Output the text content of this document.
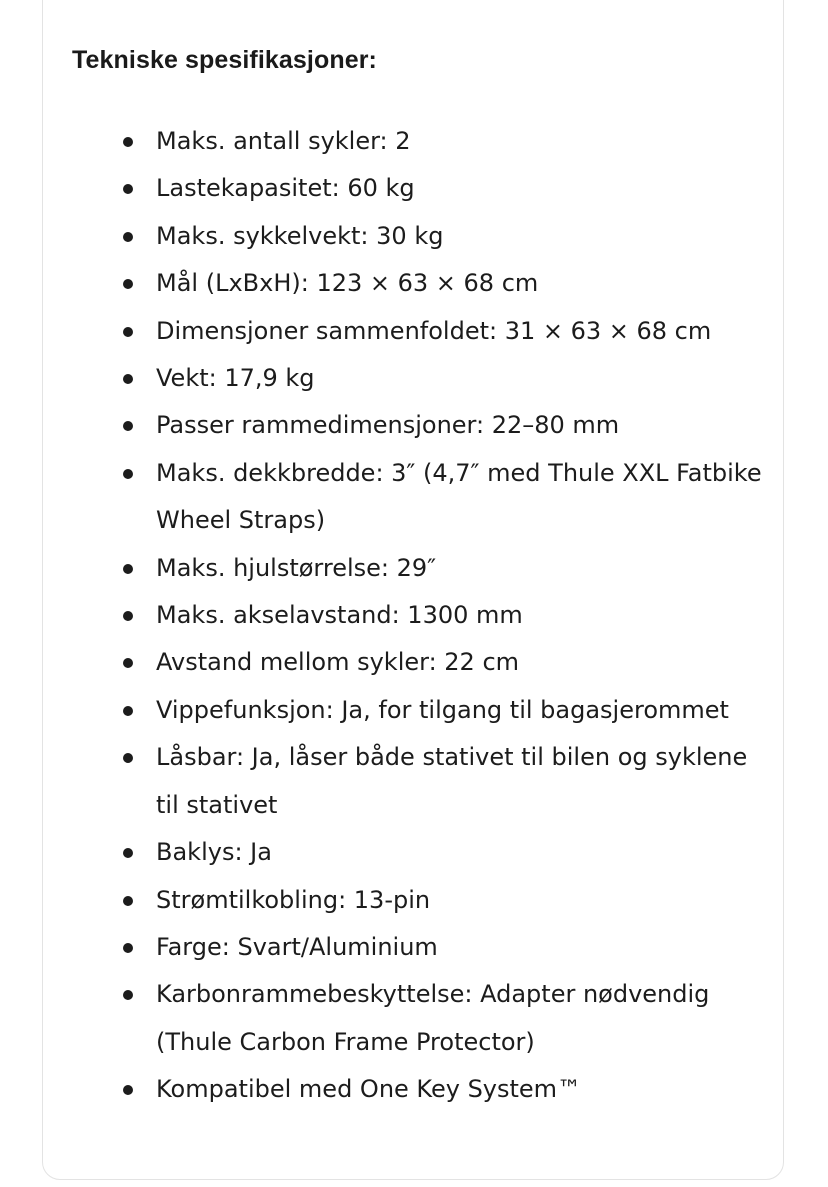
Tekniske spesifikasjoner:
Maks. antall sykler: 2
Lastekapasitet: 60 kg
Maks. sykkelvekt: 30 kg
Mål (LxBxH): 123 × 63 × 68 cm
Dimensjoner sammenfoldet: 31 × 63 × 68 cm
Vekt: 17,9 kg
Passer rammedimensjoner: 22–80 mm
Maks. dekkbredde: 3″ (4,7″ med Thule XXL Fatbike Wheel Straps)
Maks. hjulstørrelse: 29″
Maks. akselavstand: 1300 mm
Avstand mellom sykler: 22 cm
Vippefunksjon: Ja, for tilgang til bagasjerommet
Låsbar: Ja, låser både stativet til bilen og syklene til stativet
Baklys: Ja
Strømtilkobling: 13-pin
Farge: Svart/Aluminium
Karbonrammebeskyttelse: Adapter nødvendig (Thule Carbon Frame Protector)
Kompatibel med One Key System™
